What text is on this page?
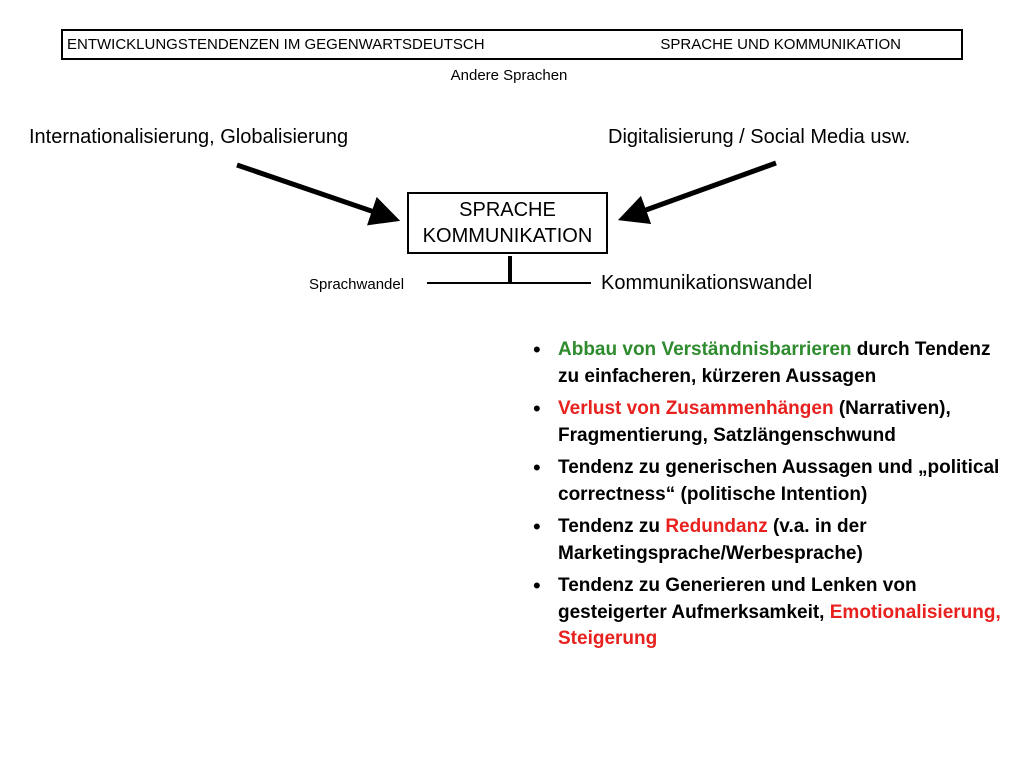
ENTWICKLUNGSTENDENZEN IM GEGENWARTSDEUTSCH	SPRACHE UND KOMMUNIKATION
Andere Sprachen
Internationalisierung, Globalisierung	Digitalisierung / Social Media usw.
SPRACHE
KOMMUNIKATION
Sprachwandel	Kommunikationswandel
• Abbau von Verständnisbarrieren durch Tendenz zu einfacheren, kürzeren Aussagen
• Verlust von Zusammenhängen (Narrativen), Fragmentierung, Satzlängenschwund
• Tendenz zu generischen Aussagen und „political correctness“ (politische Intention)
• Tendenz zu Redundanz (v.a. in der Marketingsprache/Werbesprache)
• Tendenz zu Generieren und Lenken von gesteigerter Aufmerksamkeit, Emotionalisierung, Steigerung
